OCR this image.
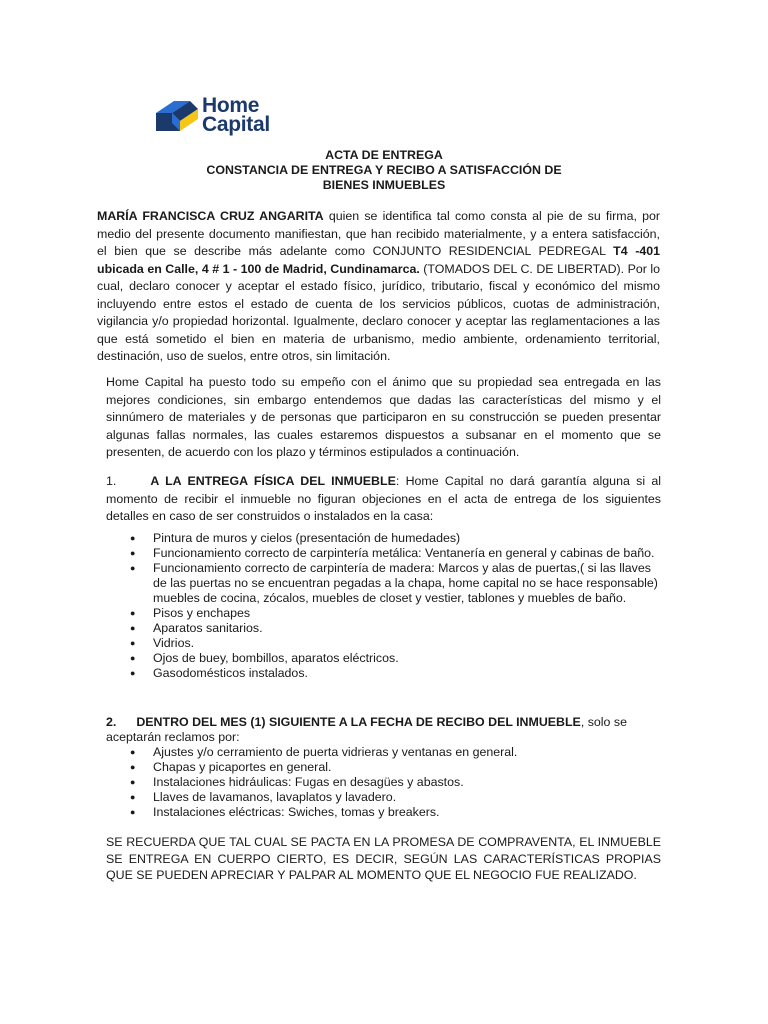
Home
Capital
ACTA DE ENTREGA
CONSTANCIA DE ENTREGA Y RECIBO A SATISFACCIÓN DE
BIENES INMUEBLES
MARÍA FRANCISCA CRUZ ANGARITA quien se identifica tal como consta al pie de su firma, por medio del presente documento manifiestan, que han recibido materialmente, y a entera satisfacción, el bien que se describe más adelante como CONJUNTO RESIDENCIAL PEDREGAL T4 -401 ubicada en Calle, 4 # 1 - 100 de Madrid, Cundinamarca. (TOMADOS DEL C. DE LIBERTAD). Por lo cual, declaro conocer y aceptar el estado físico, jurídico, tributario, fiscal y económico del mismo incluyendo entre estos el estado de cuenta de los servicios públicos, cuotas de administración, vigilancia y/o propiedad horizontal. Igualmente, declaro conocer y aceptar las reglamentaciones a las que está sometido el bien en materia de urbanismo, medio ambiente, ordenamiento territorial, destinación, uso de suelos, entre otros, sin limitación.
Home Capital ha puesto todo su empeño con el ánimo que su propiedad sea entregada en las mejores condiciones, sin embargo entendemos que dadas las características del mismo y el sinnúmero de materiales y de personas que participaron en su construcción se pueden presentar algunas fallas normales, las cuales estaremos dispuestos a subsanar en el momento que se presenten, de acuerdo con los plazo y términos estipulados a continuación.
1.	A LA ENTREGA FÍSICA DEL INMUEBLE: Home Capital no dará garantía alguna si al momento de recibir el inmueble no figuran objeciones en el acta de entrega de los siguientes detalles en caso de ser construidos o instalados en la casa:
● Pintura de muros y cielos (presentación de humedades)
● Funcionamiento correcto de carpintería metálica: Ventanería en general y cabinas de baño.
● Funcionamiento correcto de carpintería de madera: Marcos y alas de puertas,( si las llaves de las puertas no se encuentran pegadas a la chapa, home capital no se hace responsable) muebles de cocina, zócalos, muebles de closet y vestier, tablones y muebles de baño.
● Pisos y enchapes
● Aparatos sanitarios.
● Vidrios.
● Ojos de buey, bombillos, aparatos eléctricos.
● Gasodomésticos instalados.
2. DENTRO DEL MES (1) SIGUIENTE A LA FECHA DE RECIBO DEL INMUEBLE, solo se aceptarán reclamos por:
● Ajustes y/o cerramiento de puerta vidrieras y ventanas en general.
● Chapas y picaportes en general.
● Instalaciones hidráulicas: Fugas en desagües y abastos.
● Llaves de lavamanos, lavaplatos y lavadero.
● Instalaciones eléctricas: Swiches, tomas y breakers.
SE RECUERDA QUE TAL CUAL SE PACTA EN LA PROMESA DE COMPRAVENTA, EL INMUEBLE SE ENTREGA EN CUERPO CIERTO, ES DECIR, SEGÚN LAS CARACTERÍSTICAS PROPIAS QUE SE PUEDEN APRECIAR Y PALPAR AL MOMENTO QUE EL NEGOCIO FUE REALIZADO.
